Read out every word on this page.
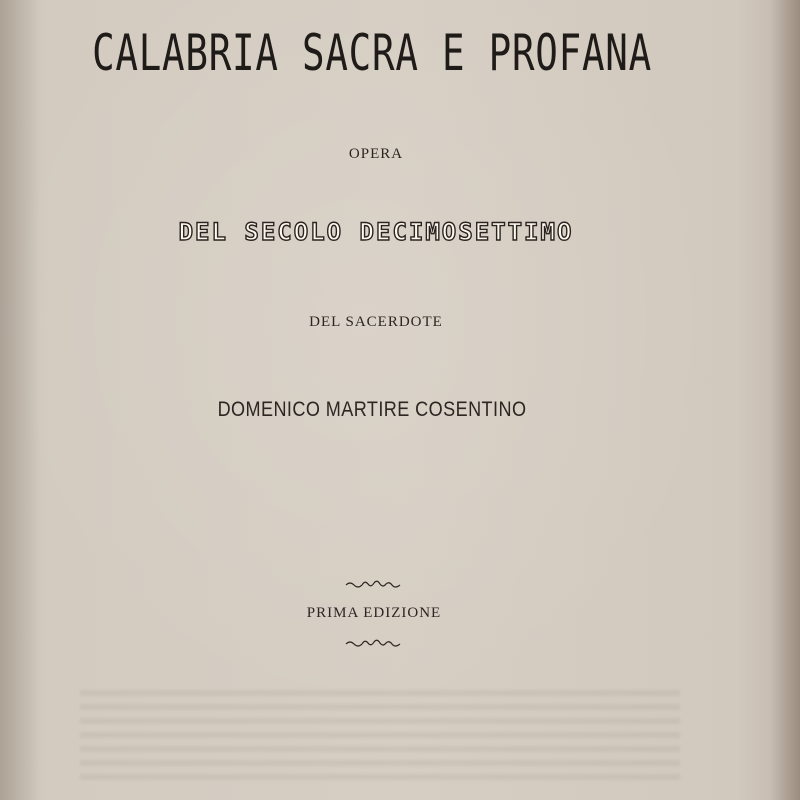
CALABRIA SACRA E PROFANA
OPERA
DEL SECOLO DECIMOSETTIMO
DEL SACERDOTE
DOMENICO MARTIRE COSENTINO
PRIMA EDIZIONE
